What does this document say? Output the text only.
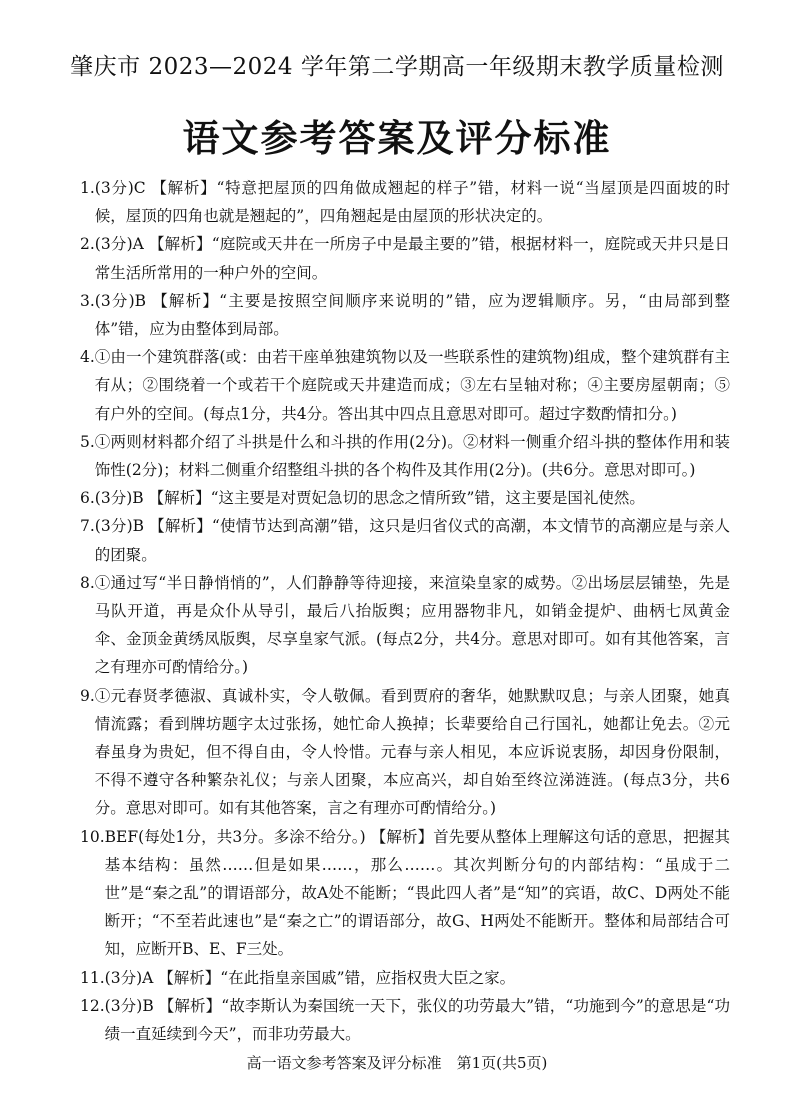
肇庆市 2023—2024 学年第二学期高一年级期末教学质量检测
语文参考答案及评分标准
1. (3分)C 【解析】“特意把屋顶的四角做成翘起的样子”错，材料一说“当屋顶是四面坡的时候，屋顶的四角也就是翘起的”，四角翘起是由屋顶的形状决定的。
2. (3分)A 【解析】“庭院或天井在一所房子中是最主要的”错，根据材料一，庭院或天井只是日常生活所常用的一种户外的空间。
3. (3分)B 【解析】“主要是按照空间顺序来说明的”错，应为逻辑顺序。另，“由局部到整体”错，应为由整体到局部。
4. ①由一个建筑群落(或：由若干座单独建筑物以及一些联系性的建筑物)组成，整个建筑群有主有从；②围绕着一个或若干个庭院或天井建造而成；③左右呈轴对称；④主要房屋朝南；⑤有户外的空间。(每点1分，共4分。答出其中四点且意思对即可。超过字数酌情扣分。)
5. ①两则材料都介绍了斗拱是什么和斗拱的作用(2分)。②材料一侧重介绍斗拱的整体作用和装饰性(2分)；材料二侧重介绍整组斗拱的各个构件及其作用(2分)。(共6分。意思对即可。)
6. (3分)B 【解析】“这主要是对贾妃急切的思念之情所致”错，这主要是国礼使然。
7. (3分)B 【解析】“使情节达到高潮”错，这只是归省仪式的高潮，本文情节的高潮应是与亲人的团聚。
8. ①通过写“半日静悄悄的”，人们静静等待迎接，来渲染皇家的威势。②出场层层铺垫，先是马队开道，再是众仆从导引，最后八抬版舆；应用器物非凡，如销金提炉、曲柄七凤黄金伞、金顶金黄绣凤版舆，尽享皇家气派。(每点2分，共4分。意思对即可。如有其他答案，言之有理亦可酌情给分。)
9. ①元春贤孝德淑、真诚朴实，令人敬佩。看到贾府的奢华，她默默叹息；与亲人团聚，她真情流露；看到牌坊题字太过张扬，她忙命人换掉；长辈要给自己行国礼，她都让免去。②元春虽身为贵妃，但不得自由，令人怜惜。元春与亲人相见，本应诉说衷肠，却因身份限制，不得不遵守各种繁杂礼仪；与亲人团聚，本应高兴，却自始至终泣涕涟涟。(每点3分，共6分。意思对即可。如有其他答案，言之有理亦可酌情给分。)
10. BEF(每处1分，共3分。多涂不给分。) 【解析】首先要从整体上理解这句话的意思，把握其基本结构：虽然……但是如果……，那么……。其次判断分句的内部结构：“虽成于二世”是“秦之乱”的谓语部分，故A处不能断；“畏此四人者”是“知”的宾语，故C、D两处不能断开；“不至若此速也”是“秦之亡”的谓语部分，故G、H两处不能断开。整体和局部结合可知，应断开B、E、F三处。
11. (3分)A 【解析】“在此指皇亲国戚”错，应指权贵大臣之家。
12. (3分)B 【解析】“故李斯认为秦国统一天下，张仪的功劳最大”错，“功施到今”的意思是“功绩一直延续到今天”，而非功劳最大。
高一语文参考答案及评分标准　第1页(共5页)
